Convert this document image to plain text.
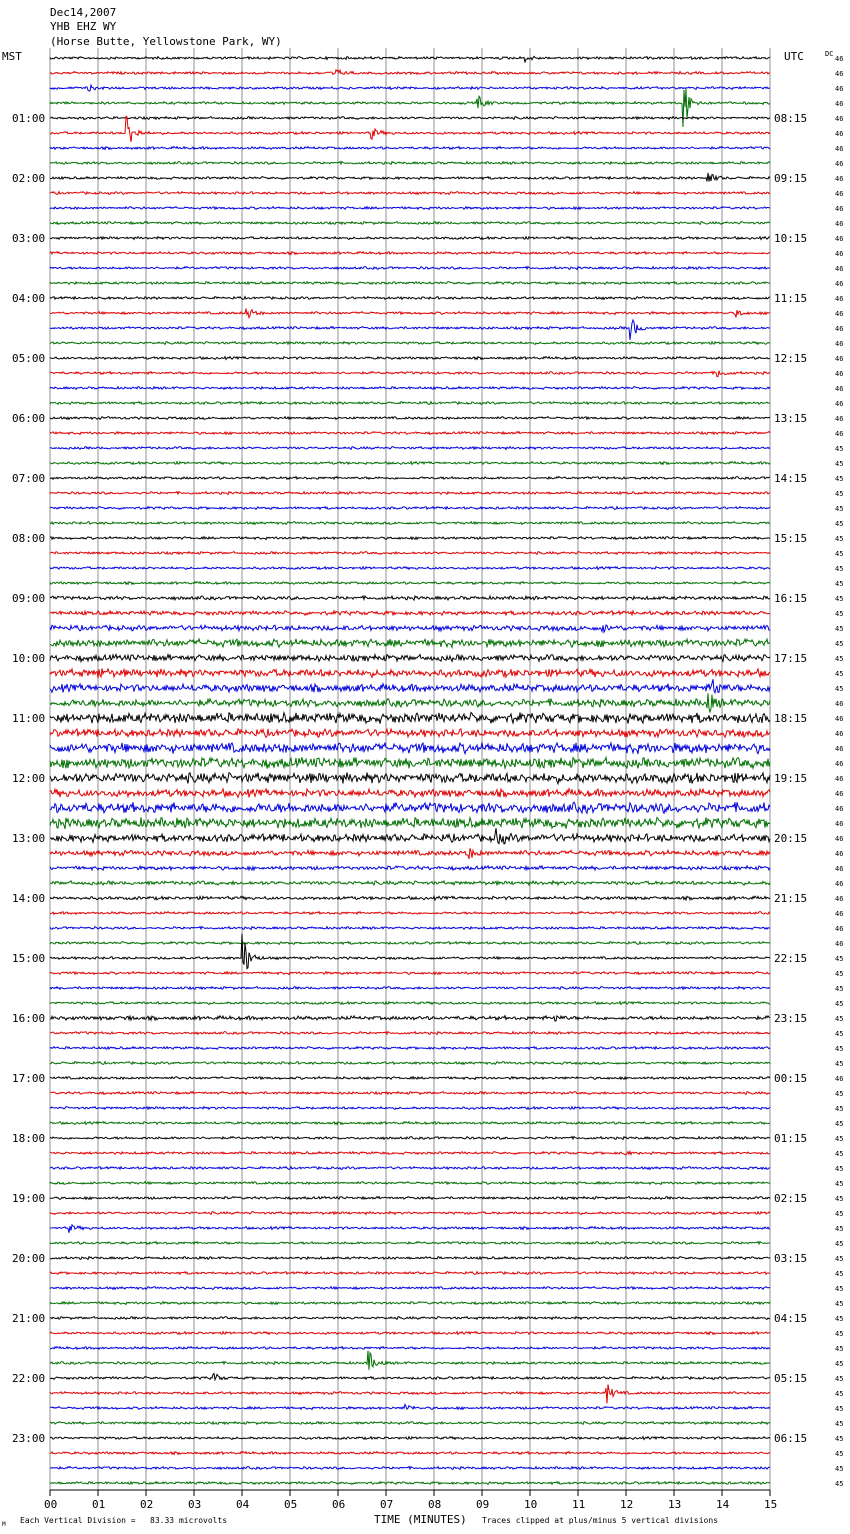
Dec14,2007
YHB EHZ WY
(Horse Butte, Yellowstone Park, WY)
MST	UTC	DC
01:00
02:00
03:00
04:00
05:00
06:00
07:00
08:00
09:00
10:00
11:00
12:00
13:00
14:00
15:00
16:00
17:00
18:00
19:00
20:00
21:00
22:00
23:00
08:15
09:15
10:15
11:15
12:15
13:15
14:15
15:15
16:15
17:15
18:15
19:15
20:15
21:15
22:15
23:15
00:15
01:15
02:15
03:15
04:15
05:15
06:15
46
46
46
46
46
46
46
46
46
46
46
46
46
46
46
46
46
46
46
46
46
46
46
46
46
46
45
45
45
45
45
45
45
45
45
45
45
45
45
45
45
45
45
46
46
46
46
46
46
46
46
46
46
46
46
46
46
46
46
46
45
45
45
45
45
45
45
45
46
45
45
45
45
45
45
45
45
45
45
45
45
45
45
45
45
45
45
45
45
45
45
45
45
45
45
45
00	01	02	03	04	05	06	07	08	09	10	11	12	13	14	15
TIME (MINUTES)
M Each Vertical Division =   83.33 microvolts	Traces clipped at plus/minus 5 vertical divisions
